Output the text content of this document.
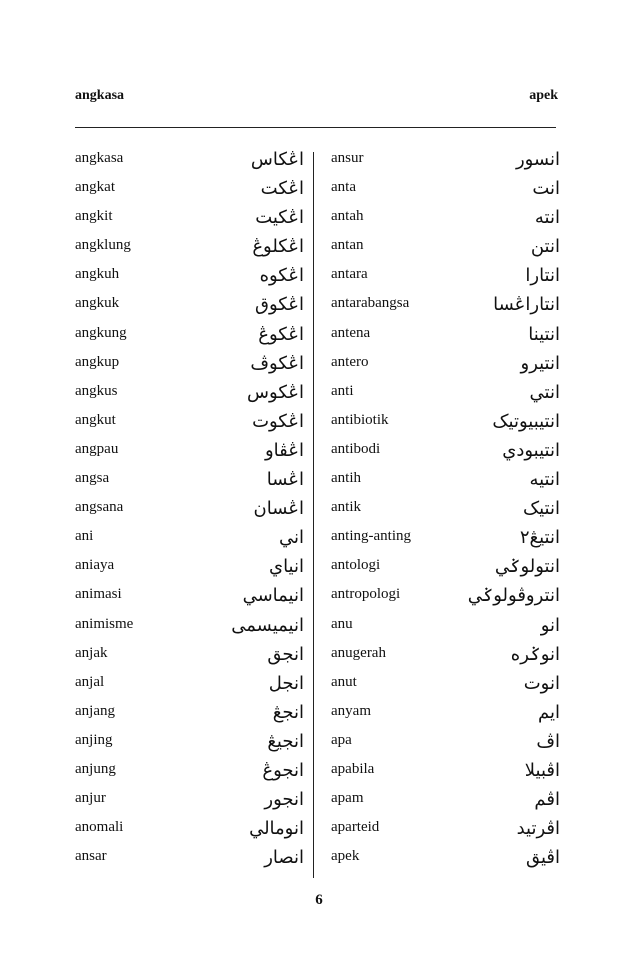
angkasa	apek
angkasa	اڠكاس
angkat	اڠكت
angkit	اڠكيت
angklung	اڠكلوڠ
angkuh	اڠكوه
angkuk	اڠكوق
angkung	اڠكوڠ
angkup	اڠكوڤ
angkus	اڠكوس
angkut	اڠكوت
angpau	اڠڤاو
angsa	اڠسا
angsana	اڠسان
ani	اني
aniaya	انياي
animasi	انيماسي
animisme	انيميسمى
anjak	انجق
anjal	انجل
anjang	انجڠ
anjing	انجيڠ
anjung	انجوڠ
anjur	انجور
anomali	انومالي
ansar	انصار
ansur	انسور
anta	انت
antah	انته
antan	انتن
antara	انتارا
antarabangsa	انتاراڠسا
antena	انتينا
antero	انتيرو
anti	انتي
antibiotik	انتيبيوتيک
antibodi	انتيبودي
antih	انتيه
antik	انتيک
anting-anting	انتيڠ٢
antologi	انتولوݢي
antropologi	انتروڤولوݢي
anu	انو
anugerah	انوݢره
anut	انوت
anyam	ايم
apa	اڤ
apabila	اڤبيلا
apam	اڤم
aparteid	اڤرتيد
apek	اڤيق
6
